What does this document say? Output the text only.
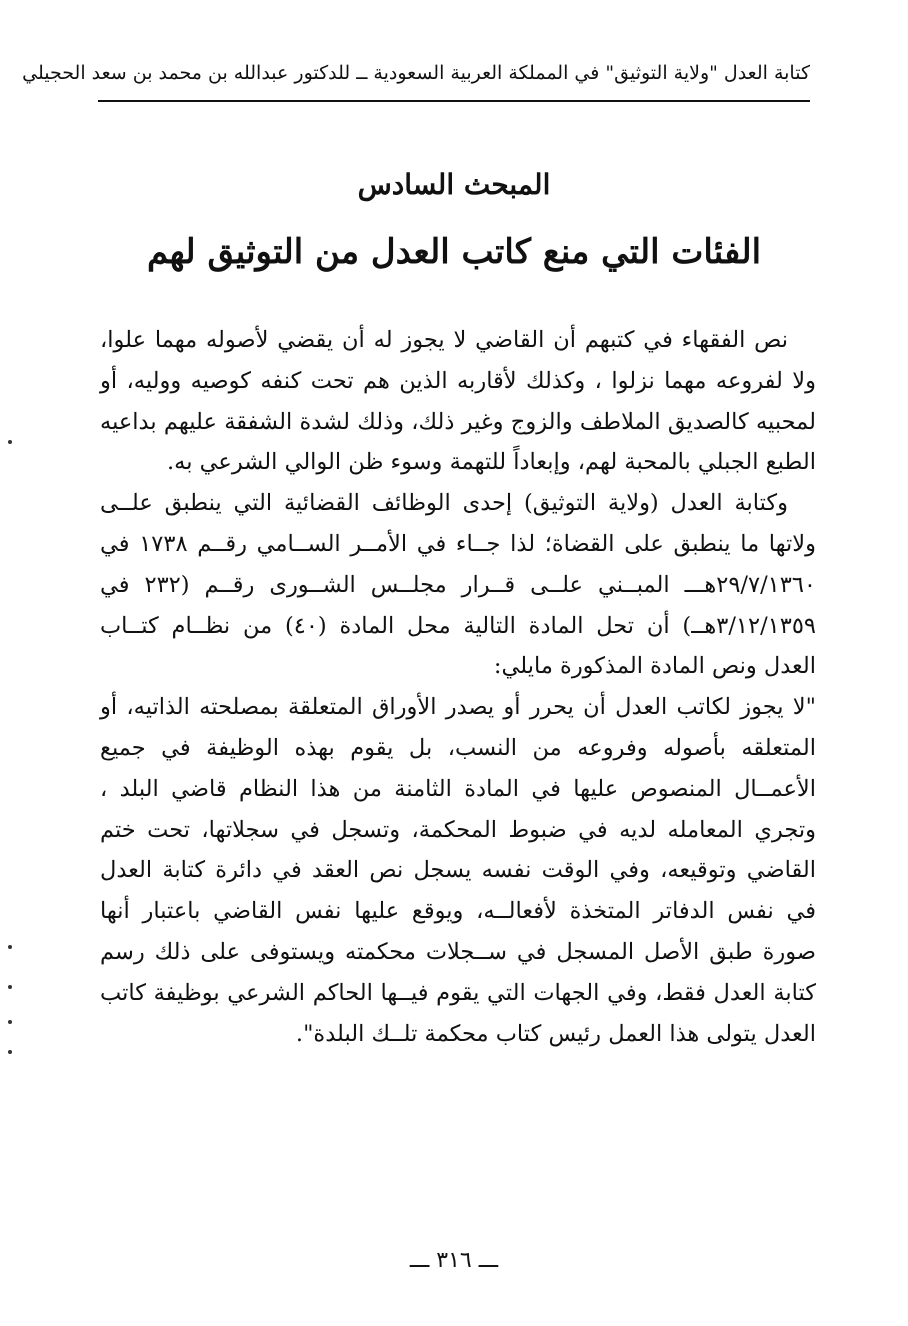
كتابة العدل "ولاية التوثيق" في المملكة العربية السعودية ــ للدكتور عبدالله بن محمد بن سعد الحجيلي
المبحث السادس
الفئات التي منع كاتب العدل من التوثيق لهم

نص الفقهاء في كتبهم أن القاضي لا يجوز له أن يقضي لأصوله مهما علوا، ولا لفروعه مهما نزلوا ، وكذلك لأقاربه الذين هم تحت كنفه كوصيه ووليه، أو لمحبيه كالصديق الملاطف والزوج وغير ذلك، وذلك لشدة الشفقة عليهم بداعيه الطبع الجبلي بالمحبة لهم، وإبعاداً للتهمة وسوء ظن الوالي الشرعي به.

وكتابة العدل (ولاية التوثيق) إحدى الوظائف القضائية التي ينطبق علــى ولاتها ما ينطبق على القضاة؛ لذا جــاء في الأمــر الســامي رقــم ١٧٣٨ في ٢٩/٧/١٣٦٠هـــ المبــني علــى قــرار مجلــس الشــورى رقــم (٢٣٢ في ٣/١٢/١٣٥٩هــ) أن تحل المادة التالية محل المادة (٤٠) من نظــام كتــاب العدل ونص المادة المذكورة مايلي:

"لا يجوز لكاتب العدل أن يحرر أو يصدر الأوراق المتعلقة بمصلحته الذاتيه، أو المتعلقه بأصوله وفروعه من النسب، بل يقوم بهذه الوظيفة في جميع الأعمــال المنصوص عليها في المادة الثامنة من هذا النظام قاضي البلد ، وتجري المعامله لديه في ضبوط المحكمة، وتسجل في سجلاتها، تحت ختم القاضي وتوقيعه، وفي الوقت نفسه يسجل نص العقد في دائرة كتابة العدل في نفس الدفاتر المتخذة لأفعالــه، ويوقع عليها نفس القاضي باعتبار أنها صورة طبق الأصل المسجل في ســجلات محكمته ويستوفى على ذلك رسم كتابة العدل فقط، وفي الجهات التي يقوم فيــها الحاكم الشرعي بوظيفة كاتب العدل يتولى هذا العمل رئيس كتاب محكمة تلــك البلدة".

ـــ ٣١٦ ـــ
